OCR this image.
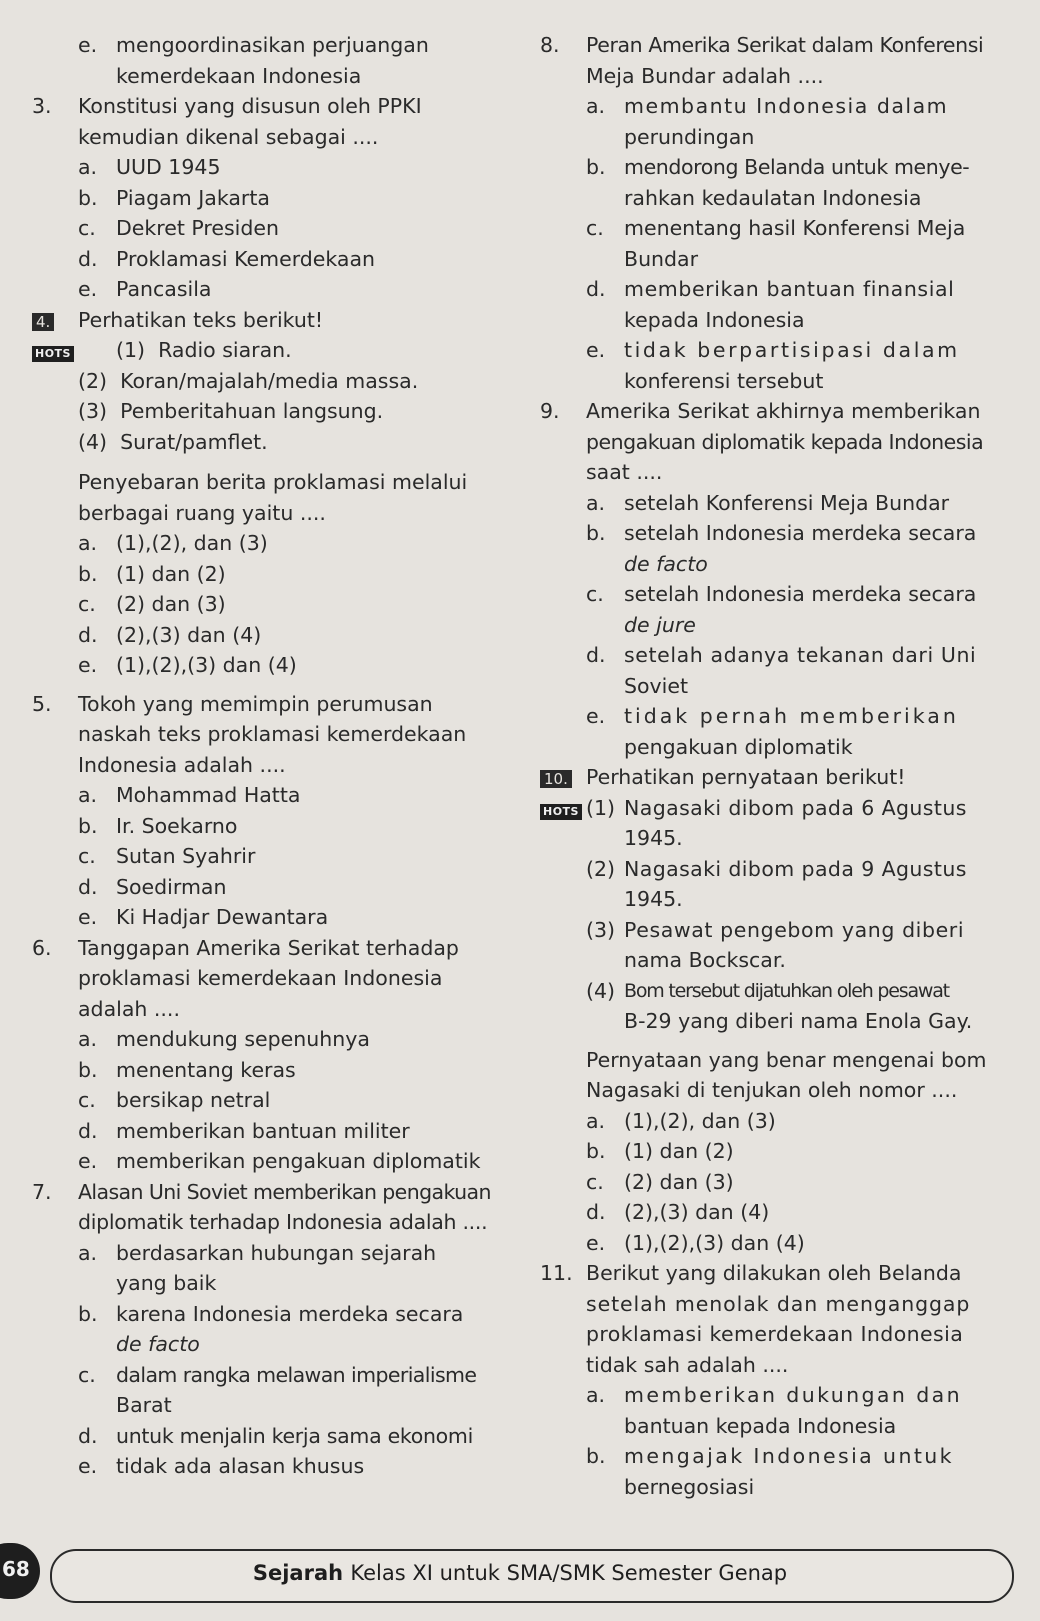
e. mengoordinasikan perjuangan
kemerdekaan Indonesia
3.	Konstitusi yang disusun oleh PPKI
kemudian dikenal sebagai ....
a. UUD 1945
b. Piagam Jakarta
c. Dekret Presiden
d. Proklamasi Kemerdekaan
e. Pancasila
4.	Perhatikan teks berikut!
HOTS	(1) Radio siaran.
(2) Koran/majalah/media massa.
(3) Pemberitahuan langsung.
(4) Surat/pamflet.
Penyebaran berita proklamasi melalui
berbagai ruang yaitu ....
a. (1),(2), dan (3)
b. (1) dan (2)
c. (2) dan (3)
d. (2),(3) dan (4)
e. (1),(2),(3) dan (4)
5.	Tokoh yang memimpin perumusan
naskah teks proklamasi kemerdekaan
Indonesia adalah ....
a. Mohammad Hatta
b. Ir. Soekarno
c. Sutan Syahrir
d. Soedirman
e. Ki Hadjar Dewantara
6.	Tanggapan Amerika Serikat terhadap
proklamasi kemerdekaan Indonesia
adalah ....
a. mendukung sepenuhnya
b. menentang keras
c. bersikap netral
d. memberikan bantuan militer
e. memberikan pengakuan diplomatik
7.	Alasan Uni Soviet memberikan pengakuan
diplomatik terhadap Indonesia adalah ....
a. berdasarkan hubungan sejarah
yang baik
b. karena Indonesia merdeka secara
de facto
c. dalam rangka melawan imperialisme
Barat
d. untuk menjalin kerja sama ekonomi
e. tidak ada alasan khusus
8.	Peran Amerika Serikat dalam Konferensi
Meja Bundar adalah ....
a. membantu Indonesia dalam
perundingan
b. mendorong Belanda untuk menye-
rahkan kedaulatan Indonesia
c. menentang hasil Konferensi Meja
Bundar
d. memberikan bantuan finansial
kepada Indonesia
e. tidak berpartisipasi dalam
konferensi tersebut
9.	Amerika Serikat akhirnya memberikan
pengakuan diplomatik kepada Indonesia
saat ....
a. setelah Konferensi Meja Bundar
b. setelah Indonesia merdeka secara
de facto
c. setelah Indonesia merdeka secara
de jure
d. setelah adanya tekanan dari Uni
Soviet
e. tidak pernah memberikan
pengakuan diplomatik
10. Perhatikan pernyataan berikut!
HOTS (1) Nagasaki dibom pada 6 Agustus
1945.
(2) Nagasaki dibom pada 9 Agustus
1945.
(3) Pesawat pengebom yang diberi
nama Bockscar.
(4) Bom tersebut dijatuhkan oleh pesawat
B-29 yang diberi nama Enola Gay.
Pernyataan yang benar mengenai bom
Nagasaki di tenjukan oleh nomor ....
a. (1),(2), dan (3)
b. (1) dan (2)
c. (2) dan (3)
d. (2),(3) dan (4)
e. (1),(2),(3) dan (4)
11. Berikut yang dilakukan oleh Belanda
setelah menolak dan menganggap
proklamasi kemerdekaan Indonesia
tidak sah adalah ....
a. memberikan dukungan dan
bantuan kepada Indonesia
b. mengajak Indonesia untuk
bernegosiasi
68	Sejarah Kelas XI untuk SMA/SMK Semester Genap
